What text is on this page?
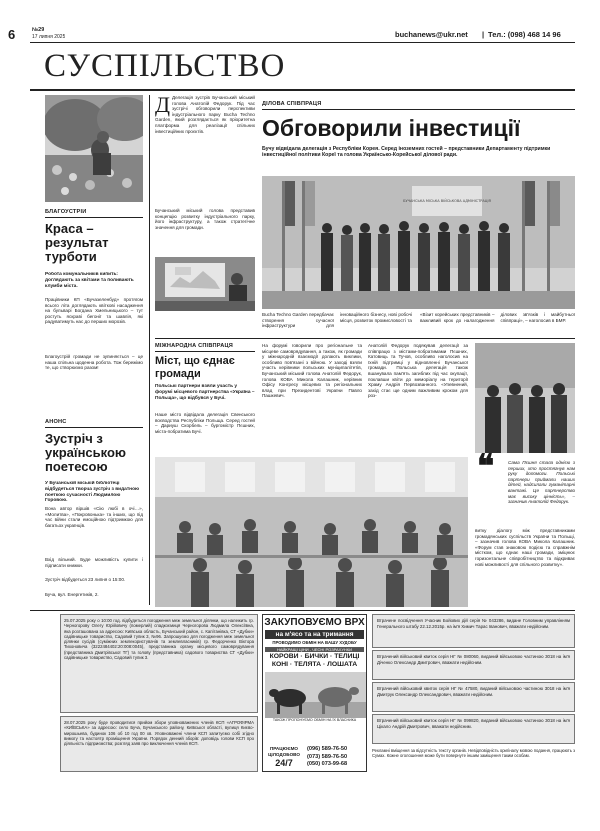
6	№29
17 липня 2025	buchanews@ukr.net | Тел.: (098) 468 14 96
СУСПІЛЬСТВО
БЛАГОУСТРІЙ
Краса – результат турботи
Робота комунальників кипить: доглядають за квітами та поливають клумби міста.
Працівники КП «Бучазеленбуд» протягом всього літа доглядають квіткові насадження на бульварі Богдана Хмельницького – тут ростуть яскраві бегонії та шавлія, які радуватимуть нас до перших морозів.
Благоустрій громади не зупиняється – це наша спільна щоденна робота. Тож бережімо те, що створюємо разом!
АНОНС
Зустріч з українською поетесою
У Бучанській міській бібліотеці відбудеться творча зустріч з видатною поеткою сучасності Людмилою Горовою.
Вона автор віршів «Сію любі в очі…», «Молитва», «Покровонька» та інших, що під час війни стали емоційною підтримкою для багатьох українців.
Вхід вільний. Буде можливість купити і підписати книжки.
Зустріч відбудеться 23 липня о 15:00.
Буча, вул. Енергетиків, 2.
Д Делегація зустрів Бучанський міський голова Анатолій Федорук. Під час зустрічі обговорили перспективи індустріального парку Bucha Techno Garden, який розглядається як пріоритетна платформа для реалізації спільних інвестиційних проєктів.
Бучанський міський голова представив концепцію розвитку індустріального парку, його інфраструктуру, а також стратегічне значення для громади.
ДІЛОВА СПІВПРАЦЯ
Обговорили інвестиції
Бучу відвідала делегація з Республіки Корея. Серед іноземних гостей – представники Департаменту підтримки інвестиційної політики Кореї та голова Українсько-Корейської ділової ради.
БУЧАНСЬКА МІСЬКА ВІЙСЬКОВА АДМІНІСТРАЦІЯ
Bucha Techno Garden передбачає створення сучасної інфраструктури для інноваційного бізнесу, нові робочі місця, розвиток промисловості та
«Візит корейських представників – важливий крок до налагодження ділових зв'язків і майбутньої співпраці», – наголосив в БМР.
МІЖНАРОДНА СПІВПРАЦЯ
Міст, що єднає громади
Польські партнери взяли участь у форумі місцевого партнерства «Україна – Польща», що відбувся у Бучі.
Наше місто відвідала делегація Свенського воєводства Республіки Польща. Серед гостей – Дариуш Скорбель – бургомістр Пєшних, міста-побратима Бучі.
На форумі говорили про регіональне та місцеве самоврядування, а також, як громади у міжнародній взаємодії долають виклики, особливо пов'язані з війною. У заході взяли участь керівники польських муніципалітетів, Бучанський міський голова Анатолій Федорук, голова КОВА Микола Калашник, керівник Офісу Конгресу місцевих та регіональних влад при Президентові України Павло Пашкевич.
Анатолій Федорук подякував делегації за співпрацю з містами-побратимами Пєшних, Катовиць та Тучов, особливо наголосив на їхній підтримці у відновленні Бучанської громади. Польська делегація також вшанувала пам'ять загиблих під час окупації, поклавши квіти до меморіалу на території Храму Андрія Первозванного. «Упевнений, захід стає ще одним важливим кроком для роз-
❝	Сама Пєшня стала однією з перших, хто простягнув нам руку допомоги. Польські партнери приймали наших дітей, надсилали гуманітарні вантажі. Це партнерство має високу цінність», – зазначив Анатолій Федорук.
витку діалогу між представниками громадянських суспільств України та Польщі, – зазначив голова КОВА Микола Калашник. «Форум став знаковою подією та справжнім містком, що єднає наші громади, зміцнює горизонтальне співробітництво та відкриває нові можливості для спільного розвитку».
25.07.2025 року о 10:00 год. відбудеться погодження меж земельної ділянки, що належить гр. Черногорову Олегу Юрійовичу (померлий) спадкоємиця Черногорова Людмила Олексіївна, яка розташована за адресою: Київська область, Бучанський район, с. Капітанівка, СТ «Дубки» садівницьке товариство, Садовий тупик 3, №96. Запрошуємо для погодження меж земельної ділянки сусідів (суміжних землекористувачів та землевласників) гр. Федорченко Віктора Тихоновича (3222484402:20:008:0045), представника органу місцевого самоврядування (представника Дмитрівської ТГ) та голову (представника) садового товариства СТ «Дубки» садівницьке товариство, Садовий тупик 3.
28.07.2025 року буде проводитися прийом збори уповноважених членів КСП «АГРОФІРМА «КИЇВСЬКА» за адресою: село Буча, Бучанського району, Київської області, вулиця Києво-мирошьева, будинок 106 об 10 год 00 хв. Уповноважені члени КСП запитуємо собі згідно вимогу та настоятр проміщення України. Порядок денний зборів: доповідь голови КСП про діяльність підприємства; розгляд заяв про виключення членів КСП.
ЗАКУПОВУЄМО ВРХ
на м'ясо та на тримання
ПРОВОДИМО ОБМІН НА ВАШУ ХУДОБУ
НАЙКРАЩІ ЦІНИ - ЧЕСНІ РОЗРАХУНКИ
КОРОВИ · БИЧКИ · ТЕЛИЦІ
КОНІ · ТЕЛЯТА · ЛОШАТА
ТАКОЖ ПРОПОНУЄМО ОБМІН НА ЇХ ВЛАСНИКА
ПРАЦЮЄМО ЦІЛОДОБОВО
24/7
(096) 589-76-50
(073) 589-76-50
(050) 073-99-68
Втрачене посвідчення Учасник Бойових дій серія № 043286, видане Головним управлінням Генерального штабу 22.12.2015р. на ім'я Химич Тарас Іванович, вважати недійсним.
Втрачений військовий квиток серія НГ № 080060, виданий військовою частиною 3018 на ім'я Діченко Олександр Дмитрович, вважати недійсним.
Втрачений військовий квиток серія НГ № 47580, виданий військовою частиною 3018 на ім'я Дмитрук Олександр Олександрович, вважати недійсним.
Втрачений військовий квиток серія НГ № 099820, виданий військовою частиною 3018 на ім'я Цікало Андрій Дмитрович, вважати недійсним.
Рекламні вміщення за відсутність тексту органів. Невідповідність оригіналу мовою подання, працюють з Сумах. Кожне оголошення може бути повернуте іншим заміщення таким особам.
